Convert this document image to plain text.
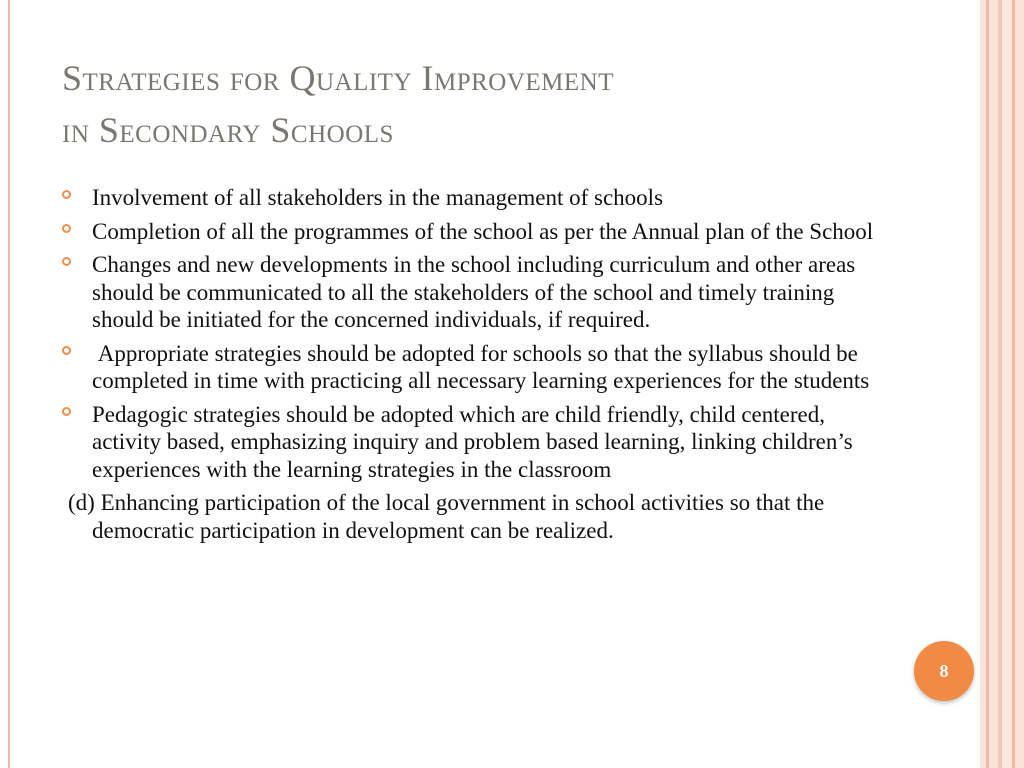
Strategies for Quality Improvement
in Secondary Schools
Involvement of all stakeholders in the management of schools
Completion of all the programmes of the school as per the Annual plan of the School
Changes and new developments in the school including curriculum and other areas should be communicated to all the stakeholders of the school and timely training should be initiated for the concerned individuals, if required.
Appropriate strategies should be adopted for schools so that the syllabus should be completed in time with practicing all necessary learning experiences for the students
Pedagogic strategies should be adopted which are child friendly, child centered, activity based, emphasizing inquiry and problem based learning, linking children’s experiences with the learning strategies in the classroom
(d) Enhancing participation of the local government in school activities so that the democratic participation in development can be realized.
8
